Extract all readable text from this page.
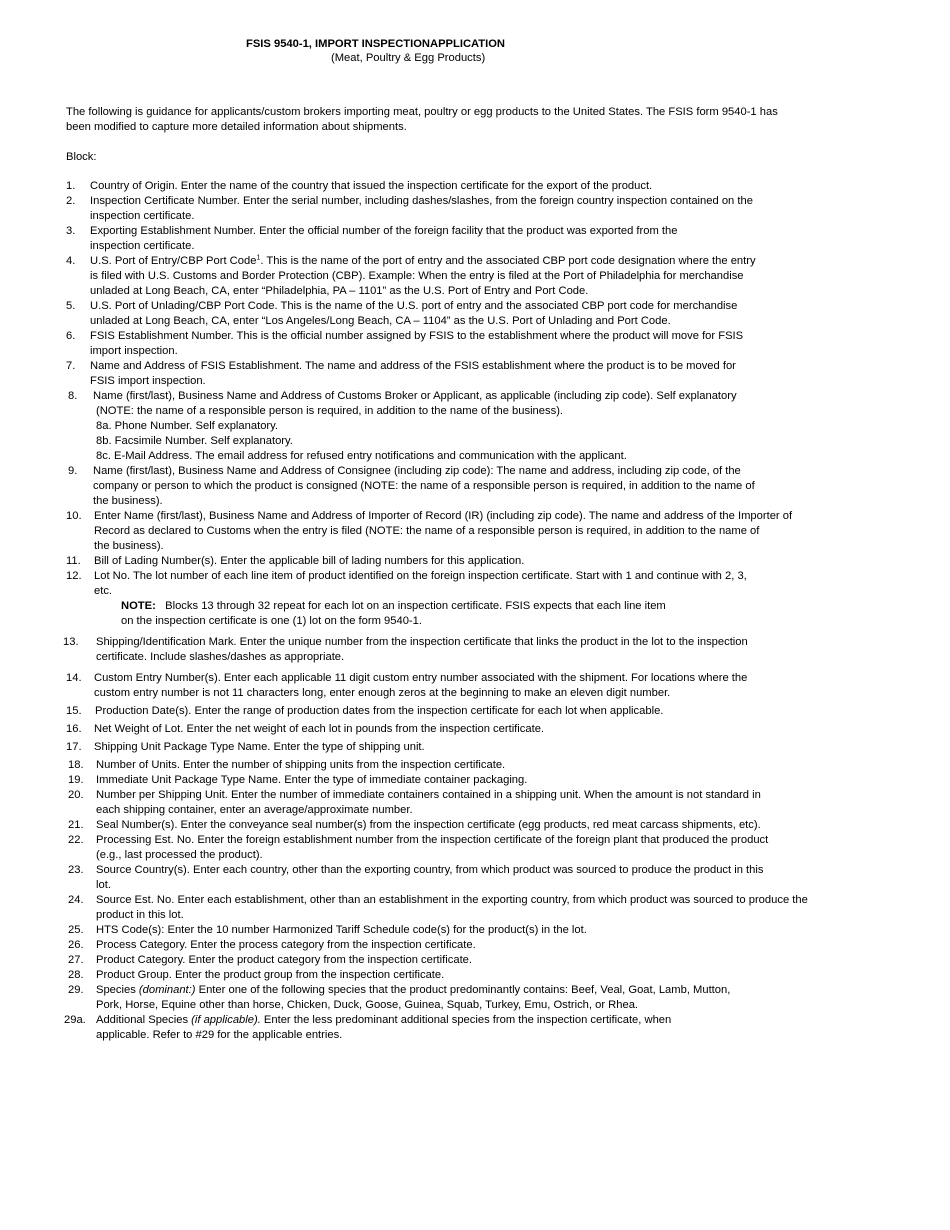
FSIS 9540-1, IMPORT INSPECTIONAPPLICATION
(Meat, Poultry & Egg Products)
The following is guidance for applicants/custom brokers importing meat, poultry or egg products to the United States. The FSIS form 9540-1 has
been modified to capture more detailed information about shipments.
Block:
1. Country of Origin. Enter the name of the country that issued the inspection certificate for the export of the product.
2. Inspection Certificate Number. Enter the serial number, including dashes/slashes, from the foreign country inspection contained on the
inspection certificate.
3. Exporting Establishment Number. Enter the official number of the foreign facility that the product was exported from the
inspection certificate.
4. U.S. Port of Entry/CBP Port Code$^1$. This is the name of the port of entry and the associated CBP port code designation where the entry
is filed with U.S. Customs and Border Protection (CBP). Example: When the entry is filed at the Port of Philadelphia for merchandise
unladed at Long Beach, CA, enter “Philadelphia, PA – 1101” as the U.S. Port of Entry and Port Code.
5. U.S. Port of Unlading/CBP Port Code. This is the name of the U.S. port of entry and the associated CBP port code for merchandise
unladed at Long Beach, CA, enter “Los Angeles/Long Beach, CA – 1104” as the U.S. Port of Unlading and Port Code.
6. FSIS Establishment Number. This is the official number assigned by FSIS to the establishment where the product will move for FSIS
import inspection.
7. Name and Address of FSIS Establishment. The name and address of the FSIS establishment where the product is to be moved for
FSIS import inspection.
8. Name (first/last), Business Name and Address of Customs Broker or Applicant, as applicable (including zip code). Self explanatory
(NOTE: the name of a responsible person is required, in addition to the name of the business).
8a. Phone Number. Self explanatory.
8b. Facsimile Number. Self explanatory.
8c. E-Mail Address. The email address for refused entry notifications and communication with the applicant.
9. Name (first/last), Business Name and Address of Consignee (including zip code): The name and address, including zip code, of the
company or person to which the product is consigned (NOTE: the name of a responsible person is required, in addition to the name of
the business).
10. Enter Name (first/last), Business Name and Address of Importer of Record (IR) (including zip code). The name and address of the Importer of
Record as declared to Customs when the entry is filed (NOTE: the name of a responsible person is required, in addition to the name of
the business).
11. Bill of Lading Number(s). Enter the applicable bill of lading numbers for this application.
12. Lot No. The lot number of each line item of product identified on the foreign inspection certificate. Start with 1 and continue with 2, 3,
etc.
NOTE: Blocks 13 through 32 repeat for each lot on an inspection certificate. FSIS expects that each line item
on the inspection certificate is one (1) lot on the form 9540-1.
13. Shipping/Identification Mark. Enter the unique number from the inspection certificate that links the product in the lot to the inspection
certificate. Include slashes/dashes as appropriate.
14. Custom Entry Number(s). Enter each applicable 11 digit custom entry number associated with the shipment. For locations where the
custom entry number is not 11 characters long, enter enough zeros at the beginning to make an eleven digit number.
15. Production Date(s). Enter the range of production dates from the inspection certificate for each lot when applicable.
16. Net Weight of Lot. Enter the net weight of each lot in pounds from the inspection certificate.
17. Shipping Unit Package Type Name. Enter the type of shipping unit.
18. Number of Units. Enter the number of shipping units from the inspection certificate.
19. Immediate Unit Package Type Name. Enter the type of immediate container packaging.
20. Number per Shipping Unit. Enter the number of immediate containers contained in a shipping unit. When the amount is not standard in
each shipping container, enter an average/approximate number.
21. Seal Number(s). Enter the conveyance seal number(s) from the inspection certificate (egg products, red meat carcass shipments, etc).
22. Processing Est. No. Enter the foreign establishment number from the inspection certificate of the foreign plant that produced the product
(e.g., last processed the product).
23. Source Country(s). Enter each country, other than the exporting country, from which product was sourced to produce the product in this
lot.
24. Source Est. No. Enter each establishment, other than an establishment in the exporting country, from which product was sourced to produce the
product in this lot.
25. HTS Code(s): Enter the 10 number Harmonized Tariff Schedule code(s) for the product(s) in the lot.
26. Process Category. Enter the process category from the inspection certificate.
27. Product Category. Enter the product category from the inspection certificate.
28. Product Group. Enter the product group from the inspection certificate.
29. Species (dominant:) Enter one of the following species that the product predominantly contains: Beef, Veal, Goat, Lamb, Mutton,
Pork, Horse, Equine other than horse, Chicken, Duck, Goose, Guinea, Squab, Turkey, Emu, Ostrich, or Rhea.
29a. Additional Species (if applicable). Enter the less predominant additional species from the inspection certificate, when
applicable. Refer to #29 for the applicable entries.
